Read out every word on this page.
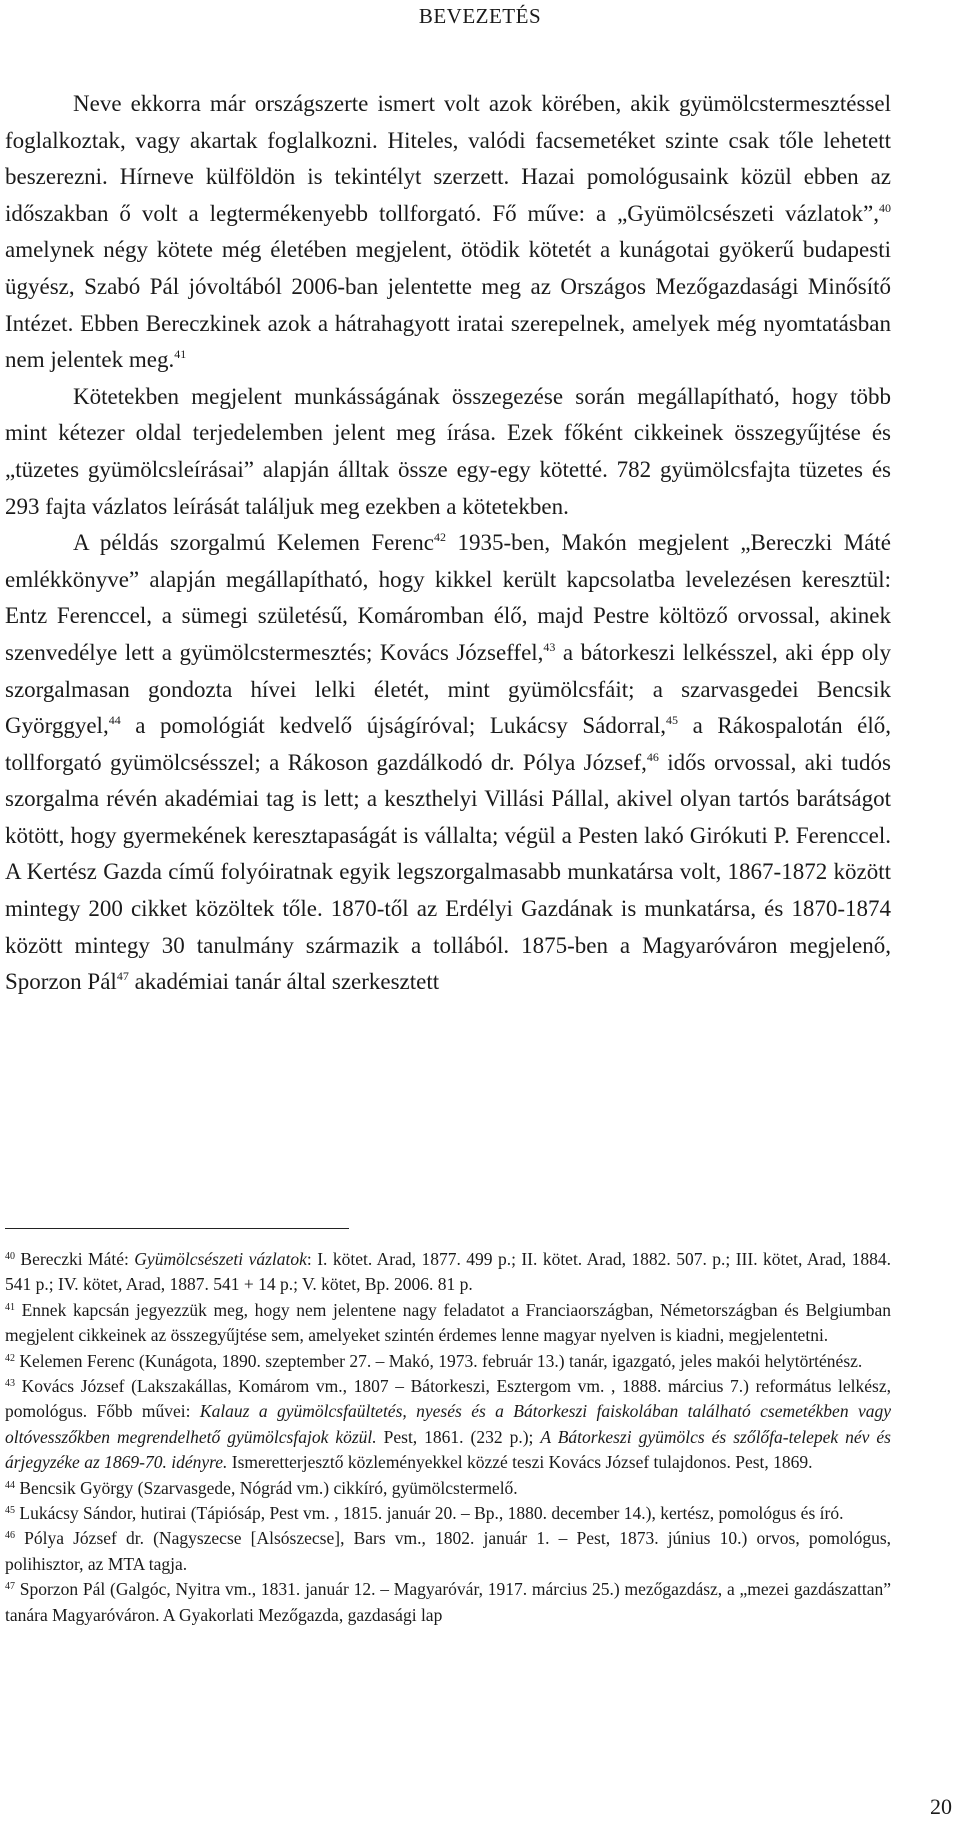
BEVEZETÉS

Neve ekkorra már országszerte ismert volt azok körében, akik gyümölcstermesztéssel foglalkoztak, vagy akartak foglalkozni. Hiteles, valódi facsemetéket szinte csak tőle lehetett beszerezni. Hírneve külföldön is tekintélyt szerzett. Hazai pomológusaink közül ebben az időszakban ő volt a legtermékenyebb tollforgató. Fő műve: a „Gyümölcsészeti vázlatok”,$^{40}$ amelynek négy kötete még életében megjelent, ötödik kötetét a kunágotai gyökerű budapesti ügyész, Szabó Pál jóvoltából 2006-ban jelentette meg az Országos Mezőgazdasági Minősítő Intézet. Ebben Bereczkinek azok a hátrahagyott iratai szerepelnek, amelyek még nyomtatásban nem jelentek meg.$^{41}$

Kötetekben megjelent munkásságának összegezése során megállapítható, hogy több mint kétezer oldal terjedelemben jelent meg írása. Ezek főként cikkeinek összegyűjtése és „tüzetes gyümölcsleírásai” alapján álltak össze egy-egy kötetté. 782 gyümölcsfajta tüzetes és 293 fajta vázlatos leírását találjuk meg ezekben a kötetekben.

A példás szorgalmú Kelemen Ferenc$^{42}$ 1935-ben, Makón megjelent „Bereczki Máté emlékkönyve” alapján megállapítható, hogy kikkel került kapcsolatba levelezésen keresztül: Entz Ferenccel, a sümegi születésű, Komáromban élő, majd Pestre költöző orvossal, akinek szenvedélye lett a gyümölcstermesztés; Kovács Józseffel,$^{43}$ a bátorkeszi lelkésszel, aki épp oly szorgalmasan gondozta hívei lelki életét, mint gyümölcsfáit; a szarvasgedei Bencsik Györggyel,$^{44}$ a pomológiát kedvelő újságíróval; Lukácsy Sádorral,$^{45}$ a Rákospalotán élő, tollforgató gyümölcsésszel; a Rákoson gazdálkodó dr. Pólya József,$^{46}$ idős orvossal, aki tudós szorgalma révén akadémiai tag is lett; a keszthelyi Villási Pállal, akivel olyan tartós barátságot kötött, hogy gyermekének keresztapaságát is vállalta; végül a Pesten lakó Girókuti P. Ferenccel. A Kertész Gazda című folyóiratnak egyik legszorgalmasabb munkatársa volt, 1867-1872 között mintegy 200 cikket közöltek tőle. 1870-től az Erdélyi Gazdának is munkatársa, és 1870-1874 között mintegy 30 tanulmány származik a tollából. 1875-ben a Magyaróváron megjelenő, Sporzon Pál$^{47}$ akadémiai tanár által szerkesztett

$^{40}$ Bereczki Máté: Gyümölcsészeti vázlatok: I. kötet. Arad, 1877. 499 p.; II. kötet. Arad, 1882. 507. p.; III. kötet, Arad, 1884. 541 p.; IV. kötet, Arad, 1887. 541 + 14 p.; V. kötet, Bp. 2006. 81 p.

$^{41}$ Ennek kapcsán jegyezzük meg, hogy nem jelentene nagy feladatot a Franciaországban, Németországban és Belgiumban megjelent cikkeinek az összegyűjtése sem, amelyeket szintén érdemes lenne magyar nyelven is kiadni, megjelentetni.

$^{42}$ Kelemen Ferenc (Kunágota, 1890. szeptember 27. – Makó, 1973. február 13.) tanár, igazgató, jeles makói helytörténész.

$^{43}$ Kovács József (Lakszakállas, Komárom vm., 1807 – Bátorkeszi, Esztergom vm. , 1888. március 7.) református lelkész, pomológus. Főbb művei: Kalauz a gyümölcsfaültetés, nyesés és a Bátorkeszi faiskolában található csemetékben vagy oltóvesszőkben megrendelhető gyümölcsfajok közül. Pest, 1861. (232 p.); A Bátorkeszi gyümölcs és szőlőfa-telepek név és árjegyzéke az 1869-70. idényre. Ismeretterjesztő közleményekkel közzé teszi Kovács József tulajdonos. Pest, 1869.

$^{44}$ Bencsik György (Szarvasgede, Nógrád vm.) cikkíró, gyümölcstermelő.

$^{45}$ Lukácsy Sándor, hutirai (Tápiósáp, Pest vm. , 1815. január 20. – Bp., 1880. december 14.), kertész, pomológus és író.

$^{46}$ Pólya József dr. (Nagyszecse [Alsószecse], Bars vm., 1802. január 1. – Pest, 1873. június 10.) orvos, pomológus, polihisztor, az MTA tagja.

$^{47}$ Sporzon Pál (Galgóc, Nyitra vm., 1831. január 12. – Magyaróvár, 1917. március 25.) mezőgazdász, a „mezei gazdászattan” tanára Magyaróváron. A Gyakorlati Mezőgazda, gazdasági lap

20
